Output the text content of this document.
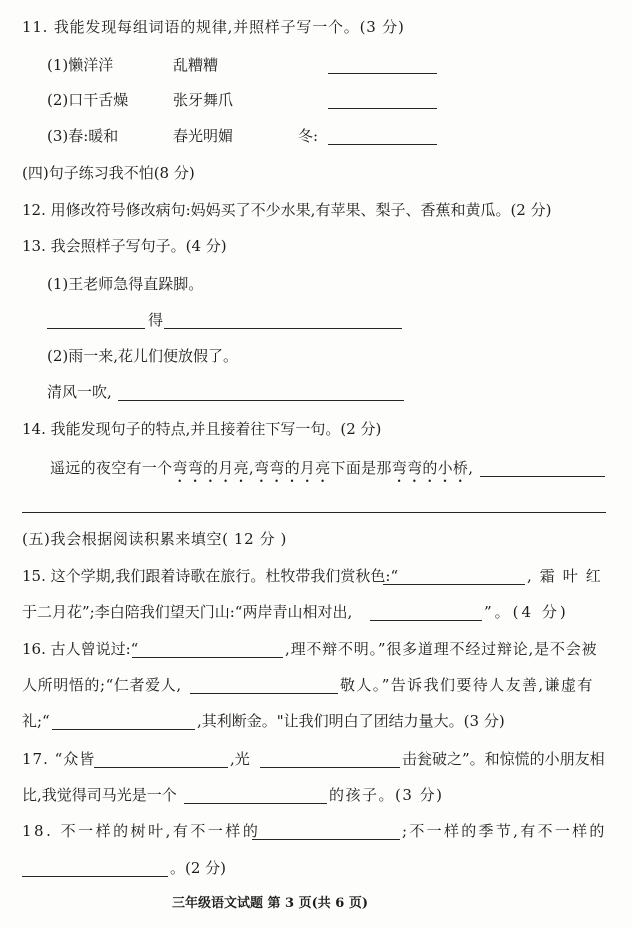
11. 我能发现每组词语的规律,并照样子写一个。(3 分)
(1)懒洋洋	乱糟糟
(2)口干舌燥	张牙舞爪
(3)春:暖和	春光明媚	冬:
(四)句子练习我不怕(8 分)
12. 用修改符号修改病句:妈妈买了不少水果,有苹果、梨子、香蕉和黄瓜。(2 分)
13. 我会照样子写句子。(4 分)
(1)王老师急得直跺脚。
得
(2)雨一来,花儿们便放假了。
清风一吹,
14. 我能发现句子的特点,并且接着往下写一句。(2 分)
遥远的夜空有一个弯弯的月亮,弯弯的月亮下面是那弯弯的小桥,
(五)我会根据阅读积累来填空( 12 分 )
15. 这个学期,我们跟着诗歌在旅行。杜牧带我们赏秋色:“	,霜叶红
于二月花”;李白陪我们望天门山:“两岸青山相对出,	”。(4 分)
16. 古人曾说过:“	,理不辩不明。”很多道理不经过辩论,是不会被
人所明悟的;“仁者爱人,	敬人。”告诉我们要待人友善,谦虚有
礼;“	,其利断金。"让我们明白了团结力量大。(3 分)
17. “众皆	,光	击瓮破之”。和惊慌的小朋友相
比,我觉得司马光是一个	的孩子。(3 分)
18. 不一样的树叶,有不一样的	;不一样的季节,有不一样的
。(2 分)
三年级语文试题 第 3 页(共 6 页)
